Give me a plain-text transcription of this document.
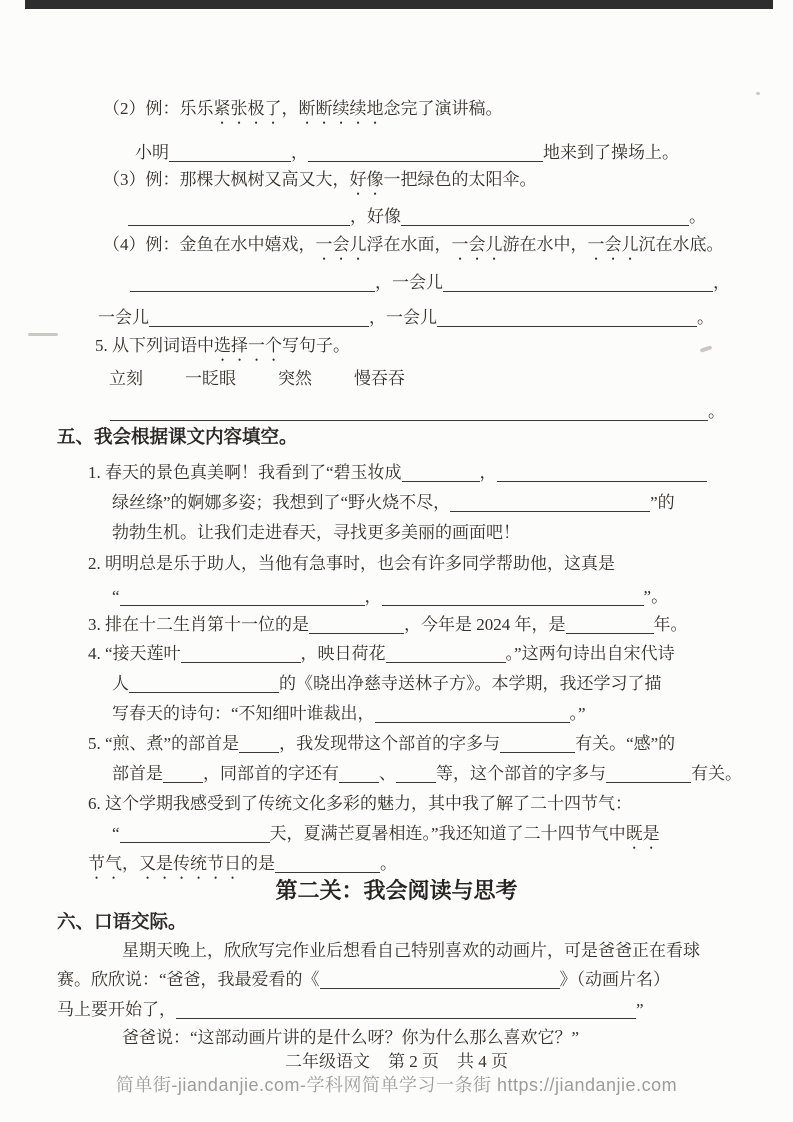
（2）例：乐乐紧张极了，断断续续地念完了演讲稿。
小明	，	地来到了操场上。
（3）例：那棵大枫树又高又大，好像一把绿色的太阳伞。
，好像	。
（4）例：金鱼在水中嬉戏，一会儿浮在水面，一会儿游在水中，一会儿沉在水底。
，一会儿	，
一会儿	，一会儿	。
5. 从下列词语中选择一个写句子。
立刻 一眨眼 突然 慢吞吞
。
五、我会根据课文内容填空。
1. 春天的景色真美啊！我看到了“碧玉妆成	，
绿丝绦”的婀娜多姿；我想到了“野火烧不尽，	”的
勃勃生机。让我们走进春天，寻找更多美丽的画面吧！
2. 明明总是乐于助人，当他有急事时，也会有许多同学帮助他，这真是
“	，	”。
3. 排在十二生肖第十一位的是	，今年是 2024 年，是	年。
4. “接天莲叶	，映日荷花	。”这两句诗出自宋代诗
人	的《晓出净慈寺送林子方》。本学期，我还学习了描
写春天的诗句：“不知细叶谁裁出，	。”
5. “煎、煮”的部首是 ，我发现带这个部首的字多与	有关。“感”的
部首是 ，同部首的字还有 、 等，这个部首的字多与	有关。
6. 这个学期我感受到了传统文化多彩的魅力，其中我了解了二十四节气：
“	天，夏满芒夏暑相连。”我还知道了二十四节气中既是
节气，又是传统节日的是	。
第二关：我会阅读与思考
六、口语交际。
星期天晚上，欣欣写完作业后想看自己特别喜欢的动画片，可是爸爸正在看球
赛。欣欣说：“爸爸，我最爱看的《	》（动画片名）
马上要开始了，	”
爸爸说：“这部动画片讲的是什么呀？你为什么那么喜欢它？”
二年级语文 第 2 页 共 4 页
简单街-jiandanjie.com-学科网简单学习一条街 https://jiandanjie.com
